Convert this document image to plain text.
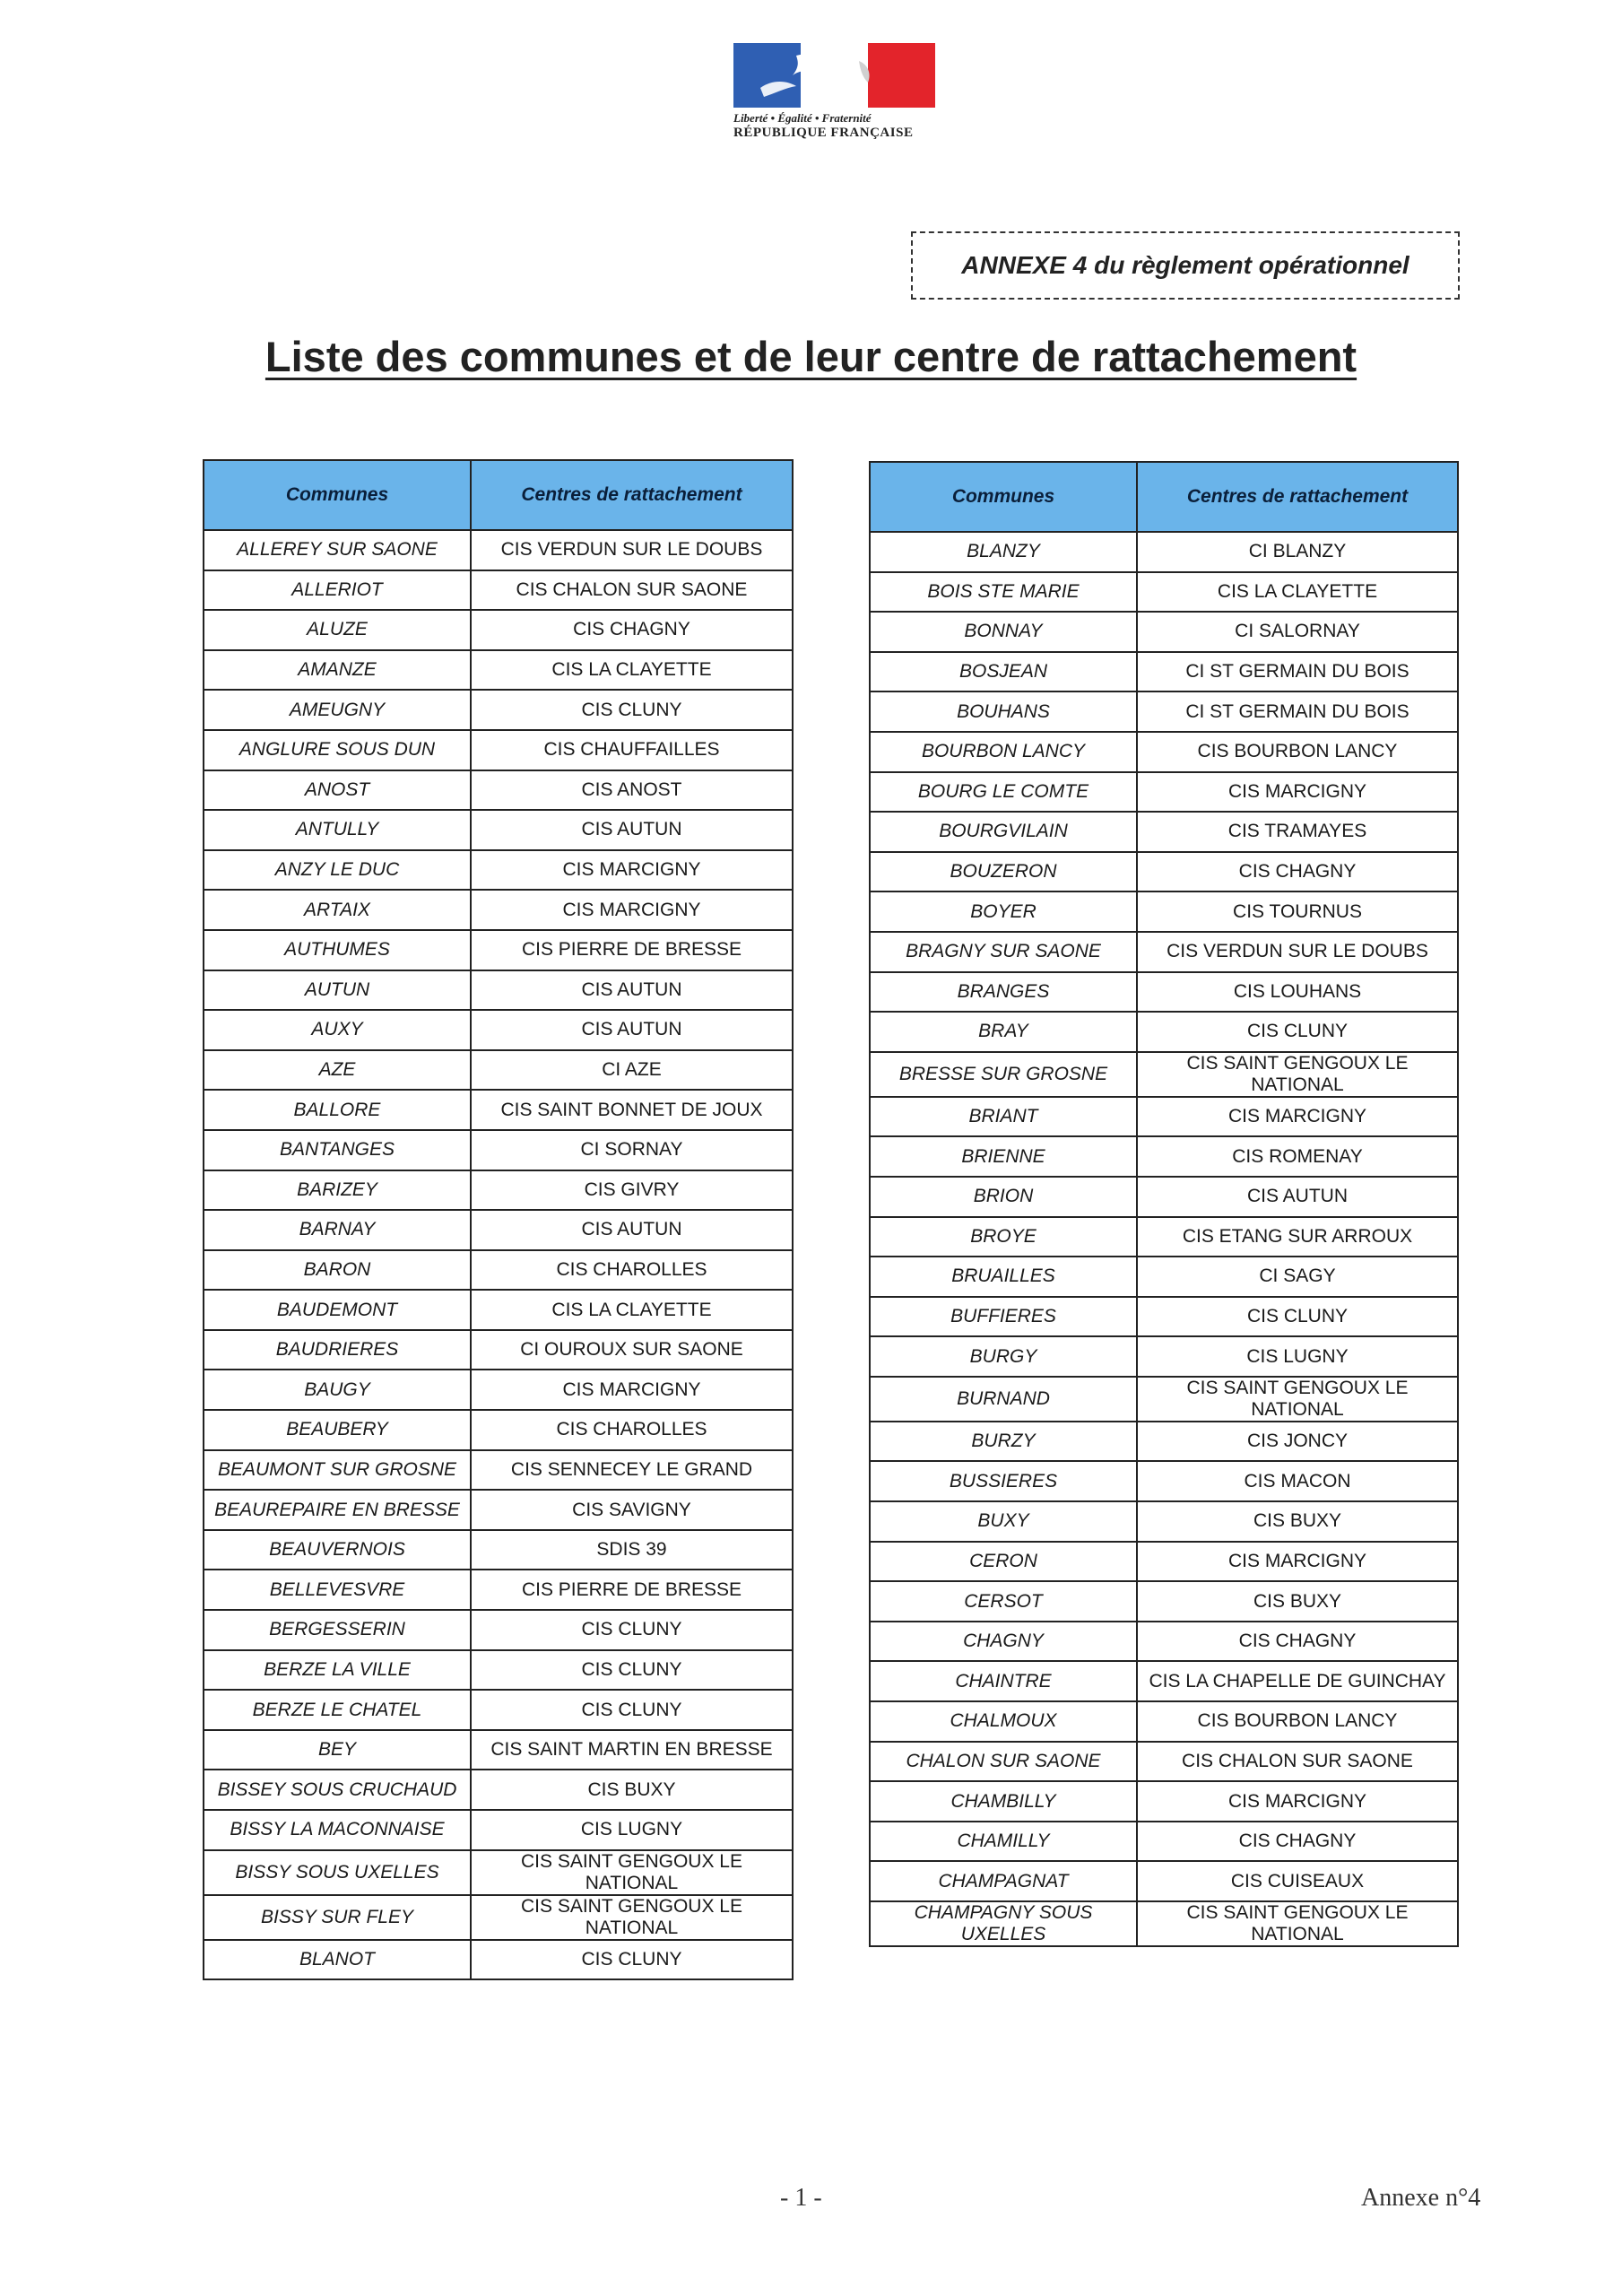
Liberté • Égalité • Fraternité
RÉPUBLIQUE FRANÇAISE
ANNEXE 4 du règlement opérationnel
Liste des communes et de leur centre de rattachement
Communes	Centres de rattachement
ALLEREY SUR SAONE	CIS VERDUN SUR LE DOUBS
ALLERIOT	CIS CHALON SUR SAONE
ALUZE	CIS CHAGNY
AMANZE	CIS LA CLAYETTE
AMEUGNY	CIS CLUNY
ANGLURE SOUS DUN	CIS CHAUFFAILLES
ANOST	CIS ANOST
ANTULLY	CIS AUTUN
ANZY LE DUC	CIS MARCIGNY
ARTAIX	CIS MARCIGNY
AUTHUMES	CIS PIERRE DE BRESSE
AUTUN	CIS AUTUN
AUXY	CIS AUTUN
AZE	CI AZE
BALLORE	CIS SAINT BONNET DE JOUX
BANTANGES	CI SORNAY
BARIZEY	CIS GIVRY
BARNAY	CIS AUTUN
BARON	CIS CHAROLLES
BAUDEMONT	CIS LA CLAYETTE
BAUDRIERES	CI OUROUX SUR SAONE
BAUGY	CIS MARCIGNY
BEAUBERY	CIS CHAROLLES
BEAUMONT SUR GROSNE	CIS SENNECEY LE GRAND
BEAUREPAIRE EN BRESSE	CIS SAVIGNY
BEAUVERNOIS	SDIS 39
BELLEVESVRE	CIS PIERRE DE BRESSE
BERGESSERIN	CIS CLUNY
BERZE LA VILLE	CIS CLUNY
BERZE LE CHATEL	CIS CLUNY
BEY	CIS SAINT MARTIN EN BRESSE
BISSEY SOUS CRUCHAUD	CIS BUXY
BISSY LA MACONNAISE	CIS LUGNY
BISSY SOUS UXELLES	CIS SAINT GENGOUX LE NATIONAL
BISSY SUR FLEY	CIS SAINT GENGOUX LE NATIONAL
BLANOT	CIS CLUNY
Communes	Centres de rattachement
BLANZY	CI BLANZY
BOIS STE MARIE	CIS LA CLAYETTE
BONNAY	CI SALORNAY
BOSJEAN	CI ST GERMAIN DU BOIS
BOUHANS	CI ST GERMAIN DU BOIS
BOURBON LANCY	CIS BOURBON LANCY
BOURG LE COMTE	CIS MARCIGNY
BOURGVILAIN	CIS TRAMAYES
BOUZERON	CIS CHAGNY
BOYER	CIS TOURNUS
BRAGNY SUR SAONE	CIS VERDUN SUR LE DOUBS
BRANGES	CIS LOUHANS
BRAY	CIS CLUNY
BRESSE SUR GROSNE	CIS SAINT GENGOUX LE NATIONAL
BRIANT	CIS MARCIGNY
BRIENNE	CIS ROMENAY
BRION	CIS AUTUN
BROYE	CIS ETANG SUR ARROUX
BRUAILLES	CI SAGY
BUFFIERES	CIS CLUNY
BURGY	CIS LUGNY
BURNAND	CIS SAINT GENGOUX LE NATIONAL
BURZY	CIS JONCY
BUSSIERES	CIS MACON
BUXY	CIS BUXY
CERON	CIS MARCIGNY
CERSOT	CIS BUXY
CHAGNY	CIS CHAGNY
CHAINTRE	CIS LA CHAPELLE DE GUINCHAY
CHALMOUX	CIS BOURBON LANCY
CHALON SUR SAONE	CIS CHALON SUR SAONE
CHAMBILLY	CIS MARCIGNY
CHAMILLY	CIS CHAGNY
CHAMPAGNAT	CIS CUISEAUX
CHAMPAGNY SOUS UXELLES	CIS SAINT GENGOUX LE NATIONAL
- 1 -	Annexe n°4
